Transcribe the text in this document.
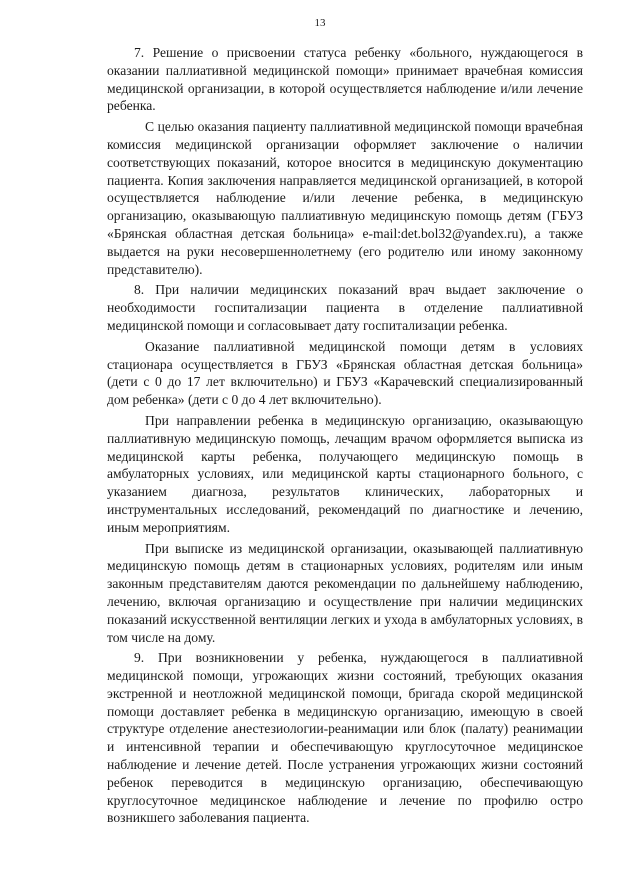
13

7. Решение о присвоении статуса ребенку «больного, нуждающегося в оказании паллиативной медицинской помощи» принимает врачебная комиссия медицинской организации, в которой осуществляется наблюдение и/или лечение ребенка.

С целью оказания пациенту паллиативной медицинской помощи врачебная комиссия медицинской организации оформляет заключение о наличии соответствующих показаний, которое вносится в медицинскую документацию пациента. Копия заключения направляется медицинской организацией, в которой осуществляется наблюдение и/или лечение ребенка, в медицинскую организацию, оказывающую паллиативную медицинскую помощь детям (ГБУЗ «Брянская областная детская больница» e-mail:det.bol32@yandex.ru), а также выдается на руки несовершеннолетнему (его родителю или иному законному представителю).

8. При наличии медицинских показаний врач выдает заключение о необходимости госпитализации пациента в отделение паллиативной медицинской помощи и согласовывает дату госпитализации ребенка.

Оказание паллиативной медицинской помощи детям в условиях стационара осуществляется в ГБУЗ «Брянская областная детская больница» (дети с 0 до 17 лет включительно) и ГБУЗ «Карачевский специализированный дом ребенка» (дети с 0 до 4 лет включительно).

При направлении ребенка в медицинскую организацию, оказывающую паллиативную медицинскую помощь, лечащим врачом оформляется выписка из медицинской карты ребенка, получающего медицинскую помощь в амбулаторных условиях, или медицинской карты стационарного больного, с указанием диагноза, результатов клинических, лабораторных и инструментальных исследований, рекомендаций по диагностике и лечению, иным мероприятиям.

При выписке из медицинской организации, оказывающей паллиативную медицинскую помощь детям в стационарных условиях, родителям или иным законным представителям даются рекомендации по дальнейшему наблюдению, лечению, включая организацию и осуществление при наличии медицинских показаний искусственной вентиляции легких и ухода в амбулаторных условиях, в том числе на дому.

9. При возникновении у ребенка, нуждающегося в паллиативной медицинской помощи, угрожающих жизни состояний, требующих оказания экстренной и неотложной медицинской помощи, бригада скорой медицинской помощи доставляет ребенка в медицинскую организацию, имеющую в своей структуре отделение анестезиологии-реанимации или блок (палату) реанимации и интенсивной терапии и обеспечивающую круглосуточное медицинское наблюдение и лечение детей. После устранения угрожающих жизни состояний ребенок переводится в медицинскую организацию, обеспечивающую круглосуточное медицинское наблюдение и лечение по профилю остро возникшего заболевания пациента.
